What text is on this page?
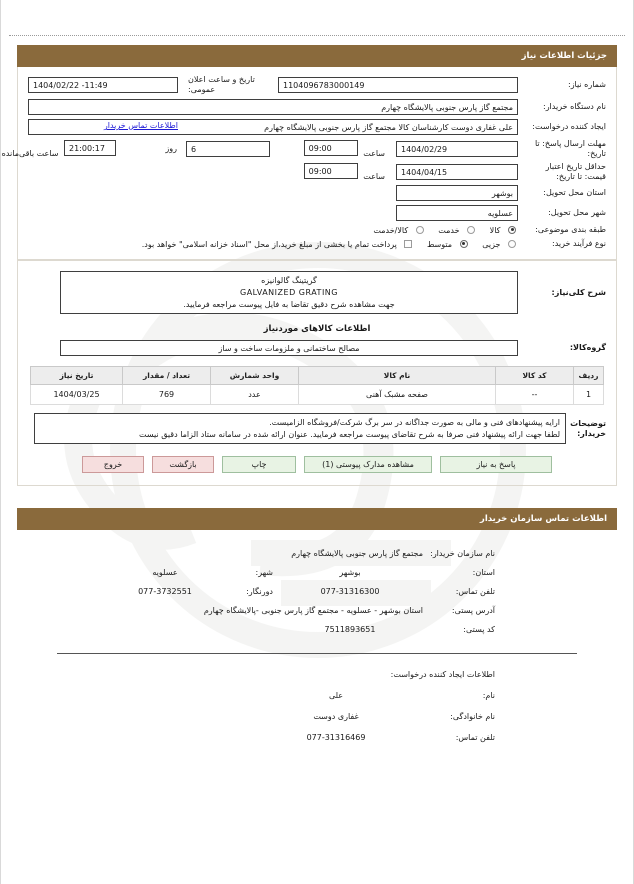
جزئیات اطلاعات نیاز
شماره نیاز:	1104096783000149		تاریخ و ساعت اعلان عمومی:	1404/02/22 -11:49	

نام دستگاه خریدار:	مجتمع گاز پارس جنوبی پالایشگاه چهارم				

ایجاد کننده درخواست:	علی غفاری دوست کارشناسان کالا مجتمع گاز پارس جنوبی پالایشگاه چهارم
اطلاعات تماس خریدار				

مهلت ارسال پاسخ: تا تاریخ:	1404/02/29	ساعت 09:00	6	روز	21:00:17 ساعت باقی‌مانده
حداقل تاریخ اعتبار قیمت: تا تاریخ:	1404/04/15	ساعت 09:00			
استان محل تحویل:	بوشهر				

شهر محل تحویل:	عسلویه				

طبقه بندی موضوعی:	کالا  خدمت  کالا/خدمت				
نوع فرآیند خرید:	جزیی  متوسط  پرداخت تمام یا بخشی از مبلغ خرید،از محل "اسناد خزانه اسلامی" خواهد بود.				
شرح کلی‌نیاز:	
گریتینگ گالوانیزه
GALVANIZED GRATING
جهت مشاهده شرح دقیق تقاضا به فایل پیوست مراجعه فرمایید.
اطلاعات کالاهای موردنیاز
گروه‌کالا:	
مصالح ساختمانی و ملزومات ساخت و ساز
ردیف	کد کالا	نام کالا	واحد شمارش	تعداد / مقدار	تاریخ نیاز
1	--	صفحه مشبک آهنی	عدد	769	1404/03/25
توضیحات خریدار:	
ارایه پیشنهادهای فنی و مالی به صورت جداگانه در سر برگ شرکت/فروشگاه الزامیست.
لطفا جهت ارائه پیشنهاد فنی صرفا به شرح تقاضای پیوست مراجعه فرمایید. عنوان ارائه شده در سامانه ستاد الزاما دقیق نیست
پاسخ به نیاز
مشاهده مدارک پیوستی (1)
چاپ
بازگشت
خروج
اطلاعات تماس سازمان خریدار
	نام سازمان خریدار:	مجتمع گاز پارس جنوبی پالایشگاه چهارم			
	استان:	بوشهر	شهر:	عسلویه	
	تلفن تماس:	077-31316300	دورنگار:	077-3732551	
	آدرس پستی:	استان بوشهر - عسلویه - مجتمع گاز پارس جنوبی -پالایشگاه چهارم			
	کد پستی:	7511893651			
	اطلاعات ایجاد کننده درخواست:		
	نام:	علی	
	نام خانوادگی:	غفاری دوست	
	تلفن تماس:	077-31316469	
